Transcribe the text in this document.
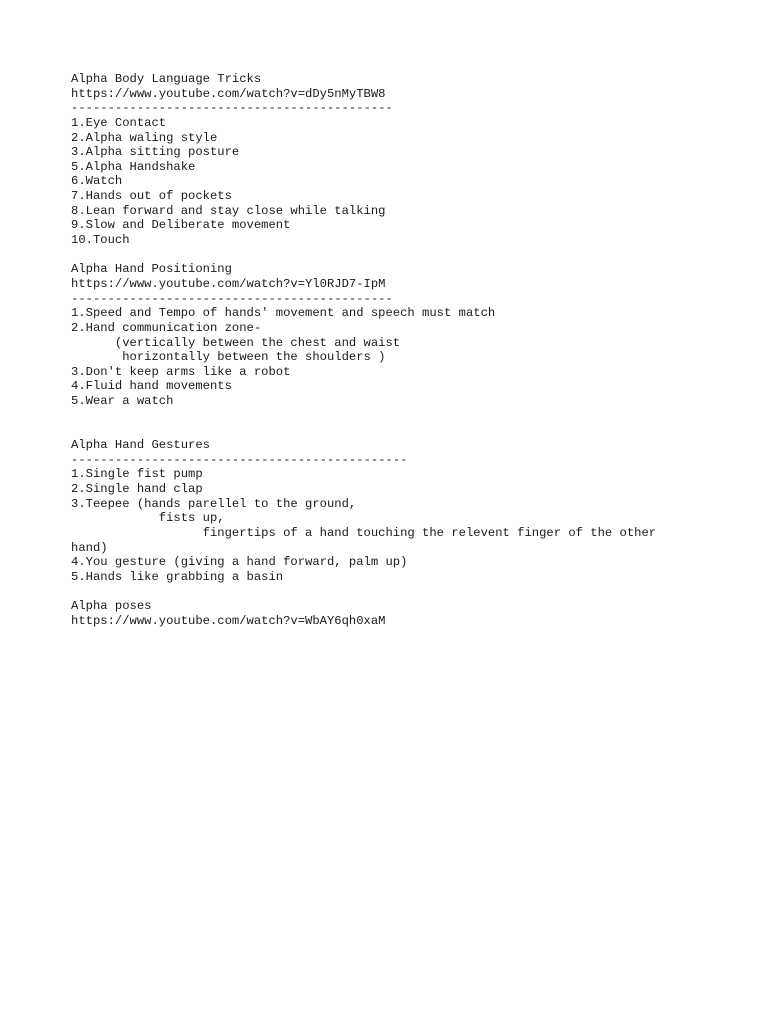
Alpha Body Language Tricks
https://www.youtube.com/watch?v=dDy5nMyTBW8
--------------------------------------------
1.Eye Contact
2.Alpha waling style
3.Alpha sitting posture
5.Alpha Handshake
6.Watch
7.Hands out of pockets
8.Lean forward and stay close while talking
9.Slow and Deliberate movement
10.Touch
Alpha Hand Positioning
https://www.youtube.com/watch?v=Yl0RJD7-IpM
--------------------------------------------
1.Speed and Tempo of hands' movement and speech must match
2.Hand communication zone-
(vertically between the chest and waist
horizontally between the shoulders )
3.Don't keep arms like a robot
4.Fluid hand movements
5.Wear a watch
Alpha Hand Gestures
----------------------------------------------
1.Single fist pump
2.Single hand clap
3.Teepee (hands parellel to the ground,
fists up,
fingertips of a hand touching the relevent finger of the other
hand)
4.You gesture (giving a hand forward, palm up)
5.Hands like grabbing a basin
Alpha poses
https://www.youtube.com/watch?v=WbAY6qh0xaM
